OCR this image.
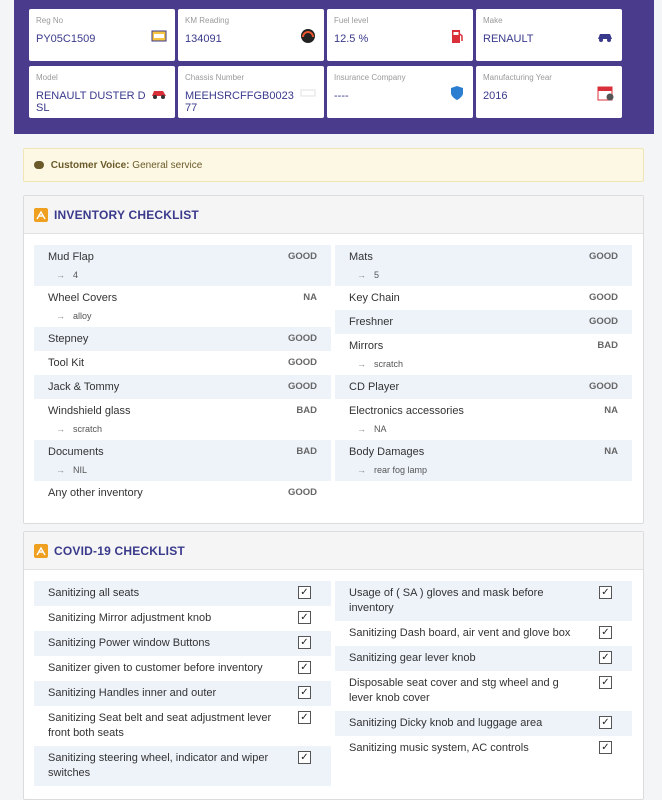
Reg No
PY05C1509
KM Reading
134091
Fuel level
12.5 %
Make
RENAULT
Model
RENAULT DUSTER DSL
Chassis Number
MEEHSRCFFGB002377
Insurance Company
----
Manufacturing Year
2016
Customer Voice: General service
INVENTORY CHECKLIST
Mud Flap	GOOD
→ 4
Wheel Covers	NA
→ alloy
Stepney	GOOD
Tool Kit	GOOD
Jack & Tommy	GOOD
Windshield glass	BAD
→ scratch
Documents	BAD
→ NIL
Any other inventory	GOOD
Mats	GOOD
→ 5
Key Chain	GOOD
Freshner	GOOD
Mirrors	BAD
→ scratch
CD Player	GOOD
Electronics accessories	NA
→ NA
Body Damages	NA
→ rear fog lamp
COVID-19 CHECKLIST
Sanitizing all seats	✓
Sanitizing Mirror adjustment knob	✓
Sanitizing Power window Buttons	✓
Sanitizer given to customer before inventory	✓
Sanitizing Handles inner and outer	✓
Sanitizing Seat belt and seat adjustment lever front both seats
✓
Sanitizing steering wheel, indicator and wiper switches
✓
Usage of ( SA ) gloves and mask before inventory
✓
Sanitizing Dash board, air vent and glove box	✓
Sanitizing gear lever knob	✓
Disposable seat cover and stg wheel and g lever knob cover
✓
Sanitizing Dicky knob and luggage area	✓
Sanitizing music system, AC controls	✓
